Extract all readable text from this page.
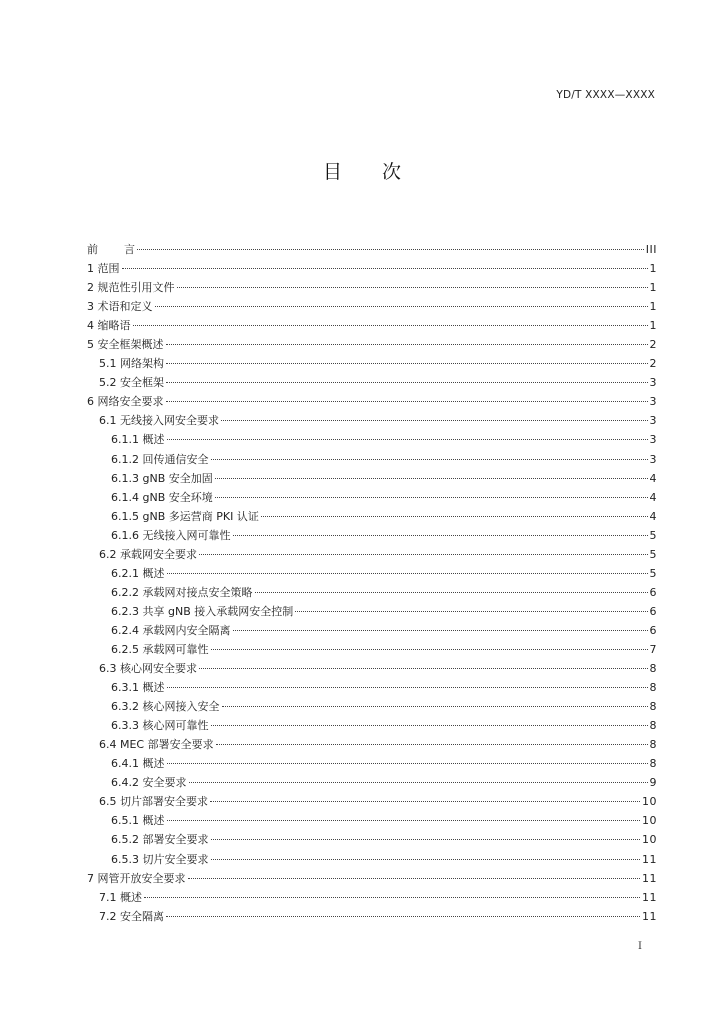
YD/T XXXX—XXXX
目 次
前 言	III
1 范围	1
2 规范性引用文件	1
3 术语和定义	1
4 缩略语	1
5 安全框架概述	2
5.1 网络架构	2
5.2 安全框架	3
6 网络安全要求	3
6.1 无线接入网安全要求	3
6.1.1 概述	3
6.1.2 回传通信安全	3
6.1.3 gNB 安全加固	4
6.1.4 gNB 安全环境	4
6.1.5 gNB 多运营商 PKI 认证	4
6.1.6 无线接入网可靠性	5
6.2 承载网安全要求	5
6.2.1 概述	5
6.2.2 承载网对接点安全策略	6
6.2.3 共享 gNB 接入承载网安全控制	6
6.2.4 承载网内安全隔离	6
6.2.5 承载网可靠性	7
6.3 核心网安全要求	8
6.3.1 概述	8
6.3.2 核心网接入安全	8
6.3.3 核心网可靠性	8
6.4 MEC 部署安全要求	8
6.4.1 概述	8
6.4.2 安全要求	9
6.5 切片部署安全要求	10
6.5.1 概述	10
6.5.2 部署安全要求	10
6.5.3 切片安全要求	11
7 网管开放安全要求	11
7.1 概述	11
7.2 安全隔离	11
I
